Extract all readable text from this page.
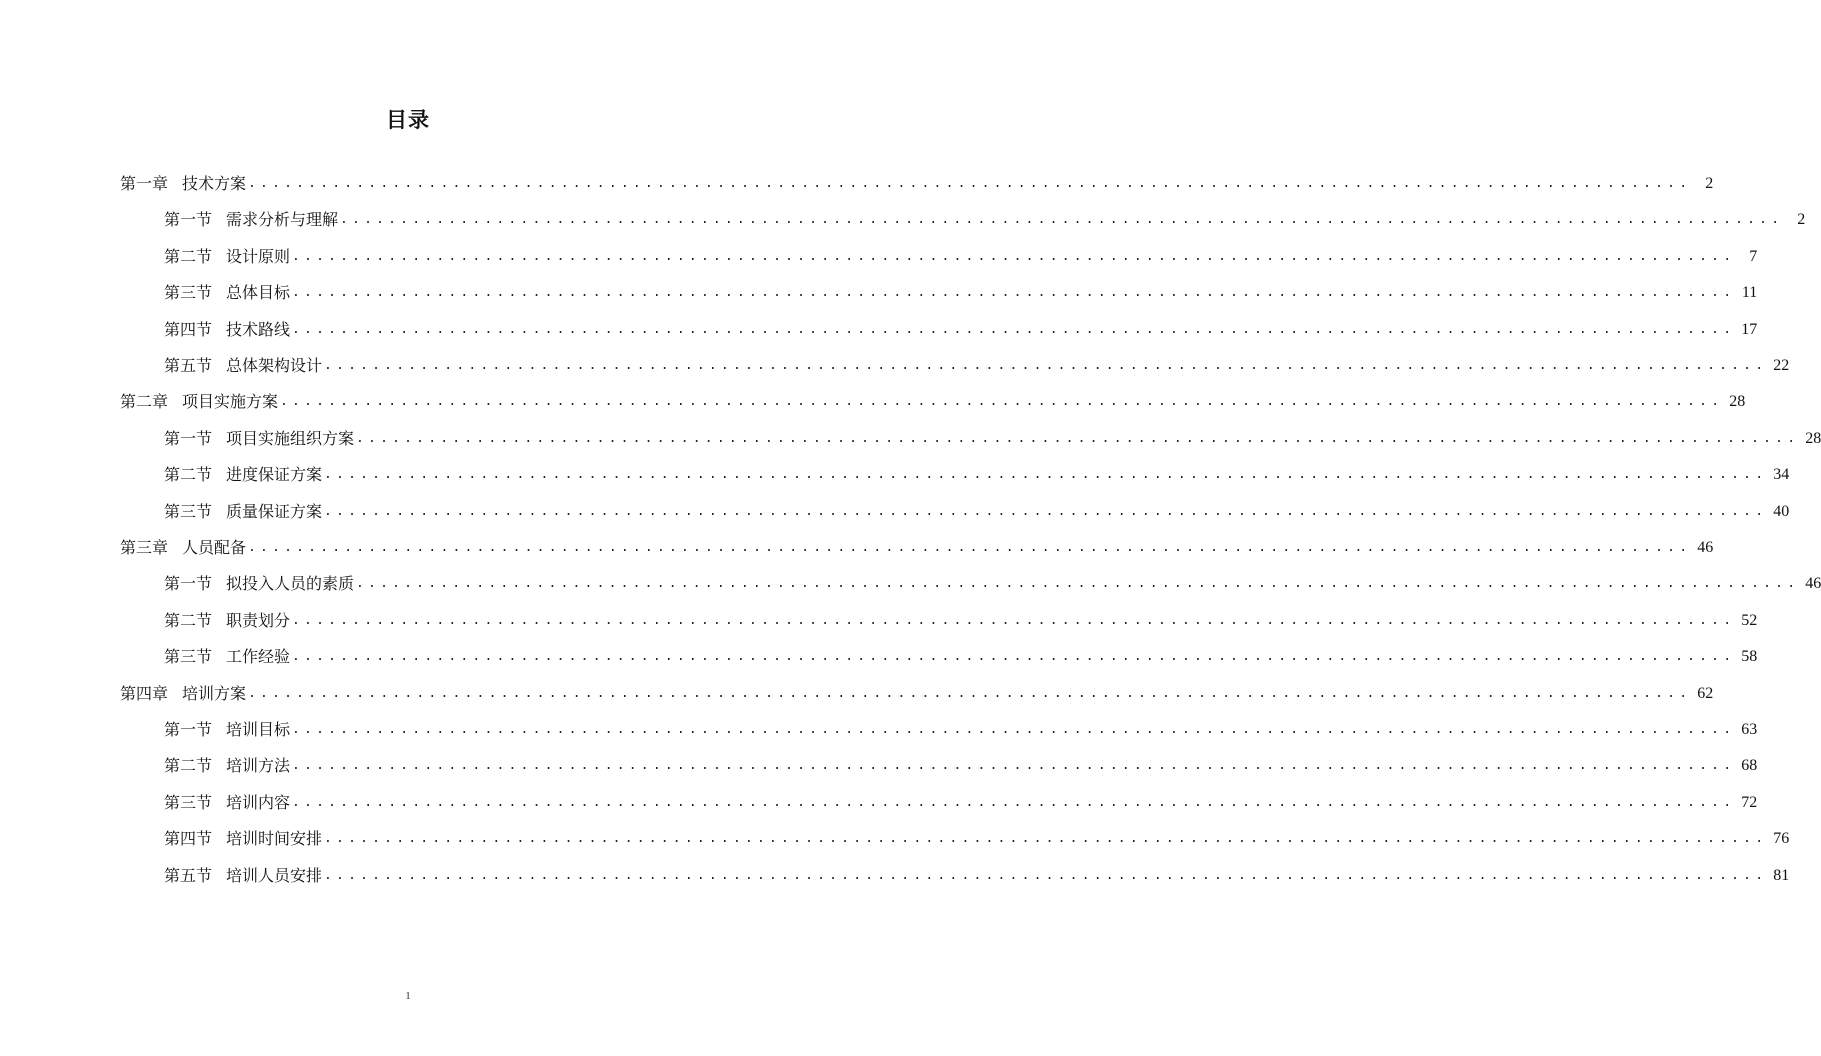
目录
第一章 技术方案 ........................................................................................................................ 2
第一节 需求分析与理解 ........................................................................................................................ 2
第二节 设计原则 ........................................................................................................................ 7
第三节 总体目标 ........................................................................................................................ 11
第四节 技术路线 ........................................................................................................................ 17
第五节 总体架构设计 ........................................................................................................................ 22
第二章 项目实施方案 ........................................................................................................................ 28
第一节 项目实施组织方案 ........................................................................................................................ 28
第二节 进度保证方案 ........................................................................................................................ 34
第三节 质量保证方案 ........................................................................................................................ 40
第三章 人员配备 ........................................................................................................................ 46
第一节 拟投入人员的素质 ........................................................................................................................ 46
第二节 职责划分 ........................................................................................................................ 52
第三节 工作经验 ........................................................................................................................ 58
第四章 培训方案 ........................................................................................................................ 62
第一节 培训目标 ........................................................................................................................ 63
第二节 培训方法 ........................................................................................................................ 68
第三节 培训内容 ........................................................................................................................ 72
第四节 培训时间安排 ........................................................................................................................ 76
第五节 培训人员安排 ........................................................................................................................ 81
1
